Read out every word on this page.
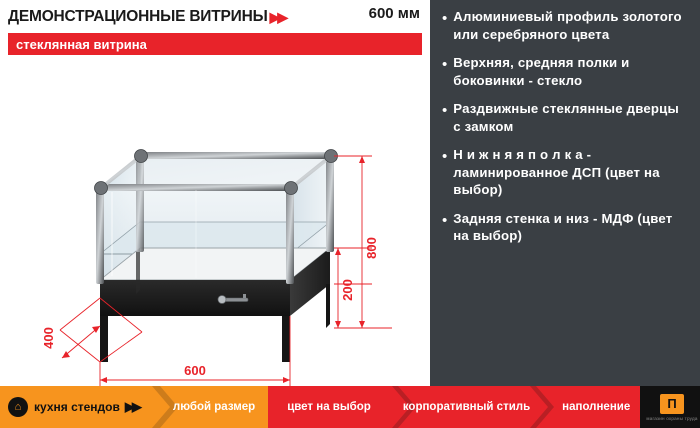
ДЕМОНСТРАЦИОННЫЕ ВИТРИНЫ ▶▶	600 мм
стеклянная витрина
800
200
400
600
• Алюминиевый профиль золотого или серебряного цвета
• Верхняя, средняя полки и боковинки - стекло
• Раздвижные стеклянные дверцы с замком
• Н и ж н я я п о л к а - ламинированное ДСП (цвет на выбор)
• Задняя стенка и низ - МДФ (цвет на выбор)
⌂	кухня стендов ▶▶	любой размер	цвет на выбор	корпоративный стиль	наполнение	П
магазин охраны труда
